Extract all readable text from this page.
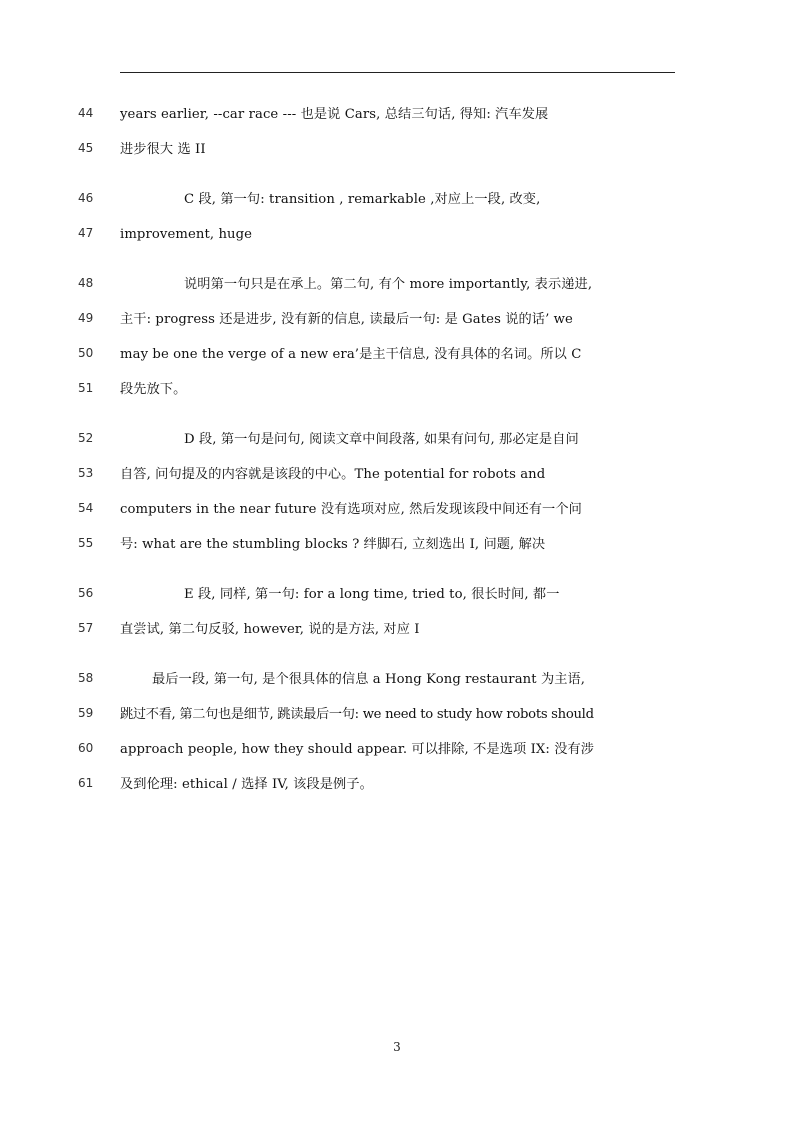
44	years earlier, --car race --- 也是说 Cars, 总结三句话, 得知: 汽车发展
45	进步很大 选 II
46	C 段, 第一句: transition , remarkable ,对应上一段, 改变,
47	improvement, huge
48	说明第一句只是在承上。第二句, 有个 more importantly, 表示递进,
49	主干: progress 还是进步, 没有新的信息, 读最后一句: 是 Gates 说的话’ we
50	may be one the verge of a new era’是主干信息, 没有具体的名词。所以 C
51	段先放下。
52	D 段, 第一句是问句, 阅读文章中间段落, 如果有问句, 那必定是自问
53	自答, 问句提及的内容就是该段的中心。The potential for robots and
54	computers in the near future 没有选项对应, 然后发现该段中间还有一个问
55	号: what are the stumbling blocks ? 绊脚石, 立刻选出 I, 问题, 解决
56	E 段, 同样, 第一句: for a long time, tried to, 很长时间, 都一
57	直尝试, 第二句反驳, however, 说的是方法, 对应 I
58	最后一段, 第一句, 是个很具体的信息 a Hong Kong restaurant 为主语,
59	跳过不看, 第二句也是细节, 跳读最后一句: we need to study how robots should
60	approach people, how they should appear. 可以排除, 不是选项 IX: 没有涉
61	及到伦理: ethical / 选择 IV, 该段是例子。
3
